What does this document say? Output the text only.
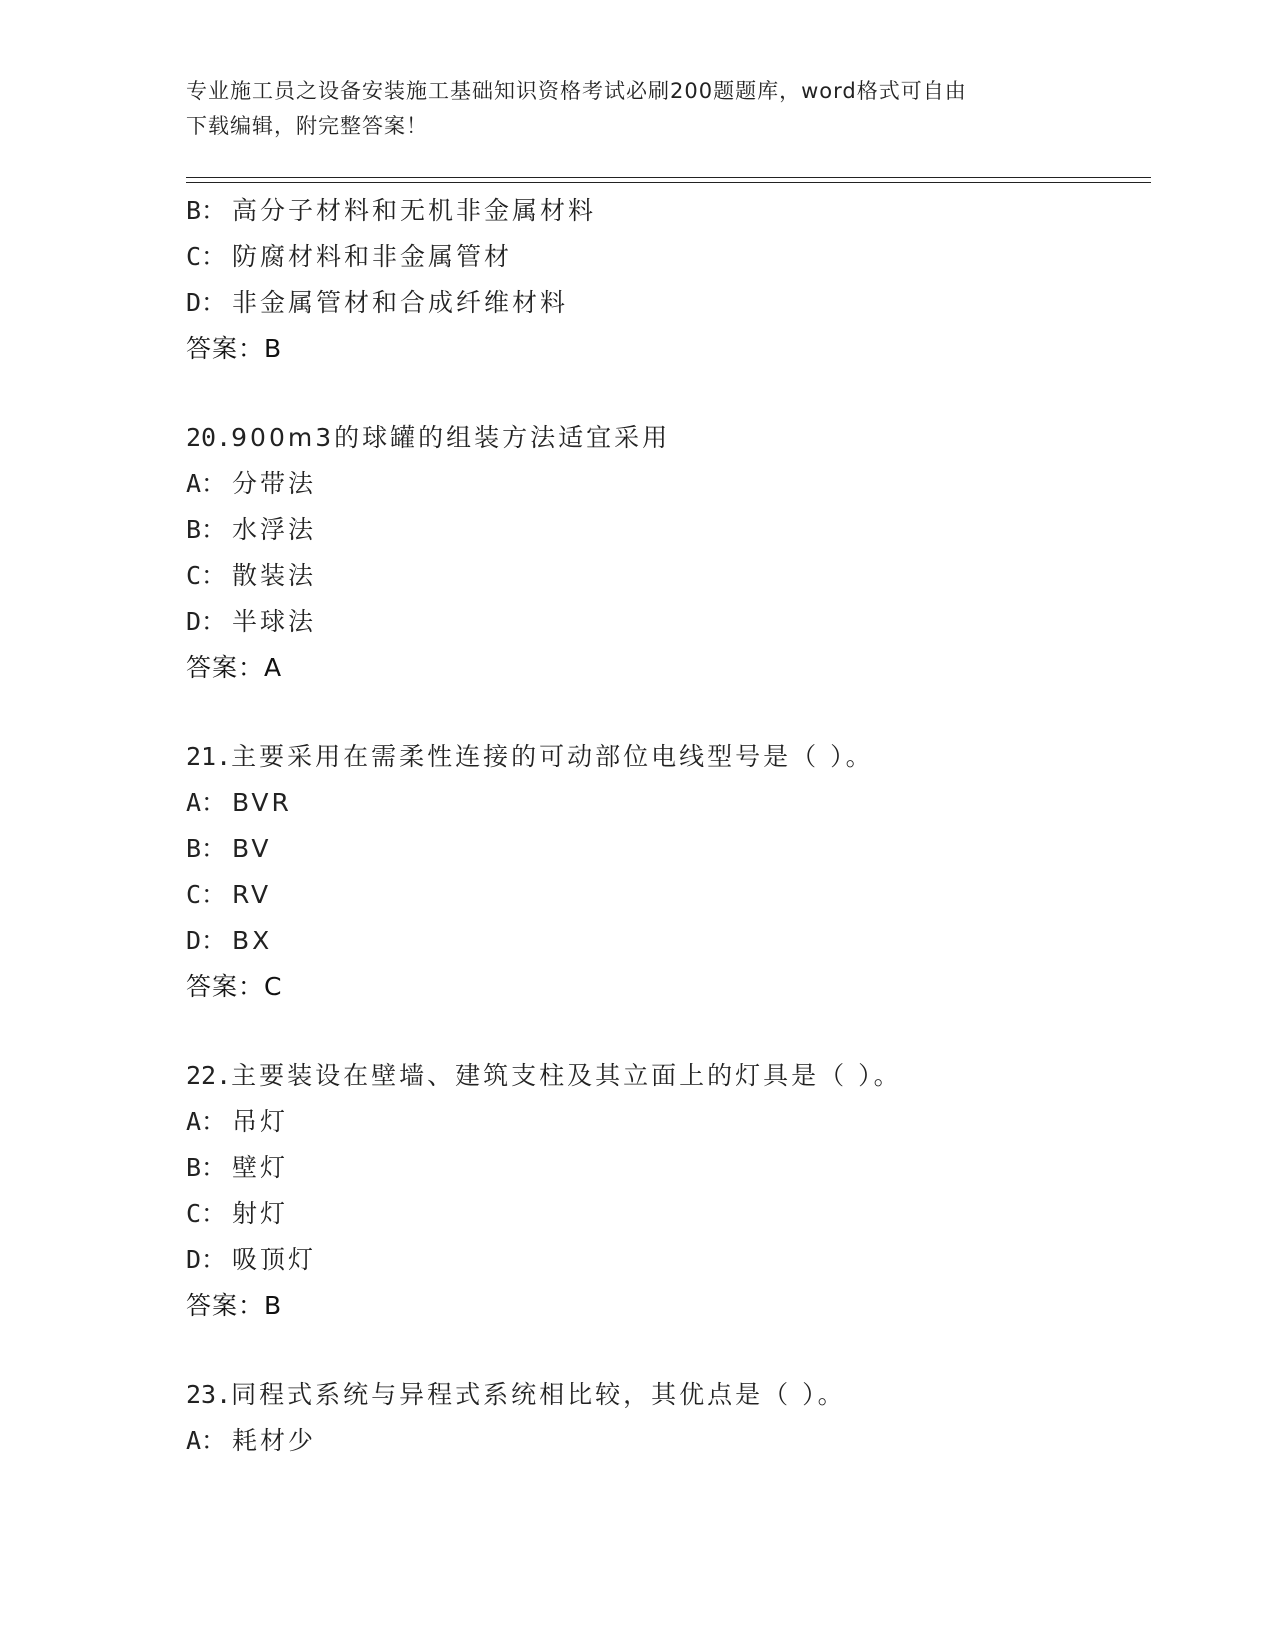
专业施工员之设备安装施工基础知识资格考试必刷200题题库，word格式可自由
下载编辑，附完整答案！
B： 高分子材料和无机非金属材料
C： 防腐材料和非金属管材
D： 非金属管材和合成纤维材料
答案：B
20.900m3的球罐的组装方法适宜采用
A： 分带法
B： 水浮法
C： 散装法
D： 半球法
答案：A
21.主要采用在需柔性连接的可动部位电线型号是（ ）。
A： BVR
B： BV
C： RV
D： BX
答案：C
22.主要装设在壁墙、建筑支柱及其立面上的灯具是（ ）。
A： 吊灯
B： 壁灯
C： 射灯
D： 吸顶灯
答案：B
23.同程式系统与异程式系统相比较，其优点是（ ）。
A： 耗材少
